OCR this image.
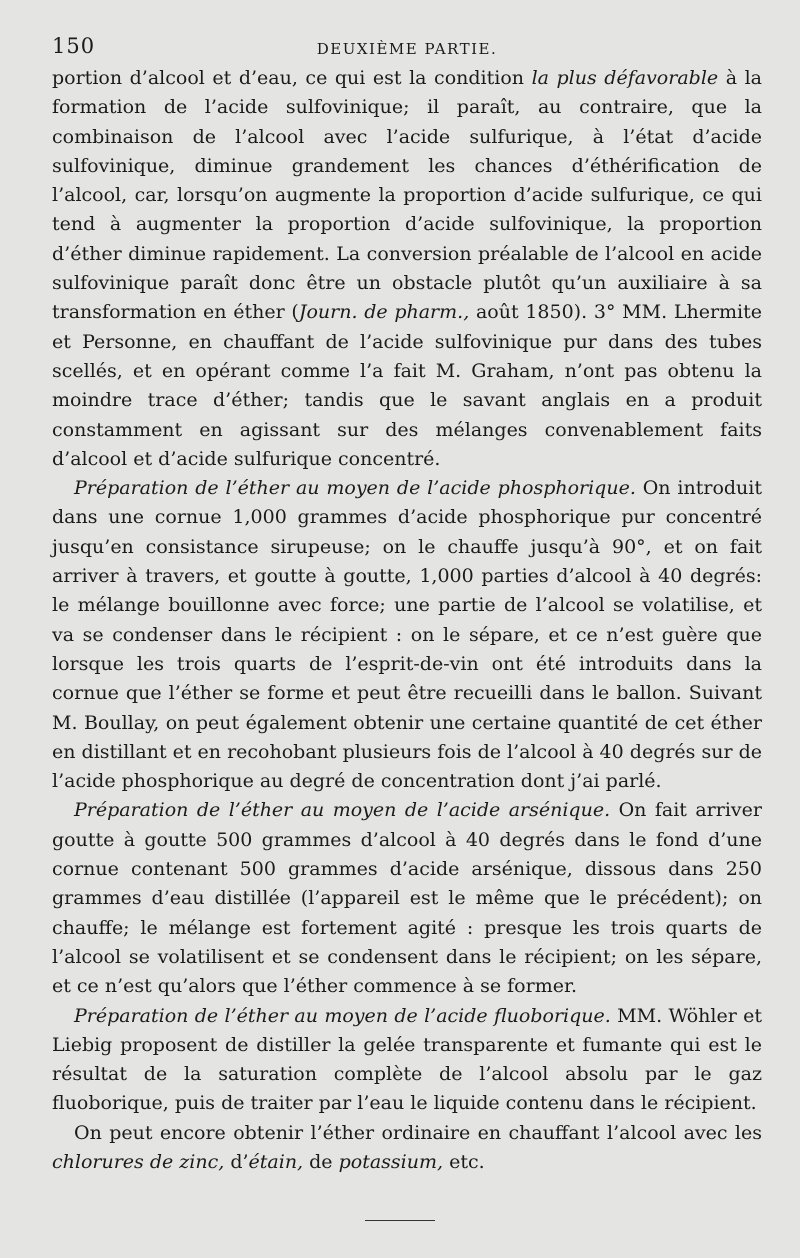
150	DEUXIÈME PARTIE.

portion d’alcool et d’eau, ce qui est la condition la plus défavorable à la formation de l’acide sulfovinique; il paraît, au contraire, que la combinaison de l’alcool avec l’acide sulfurique, à l’état d’acide sulfovinique, diminue grandement les chances d’éthérification de l’alcool, car, lorsqu’on augmente la proportion d’acide sulfurique, ce qui tend à augmenter la proportion d’acide sulfovinique, la proportion d’éther diminue rapidement. La conversion préalable de l’alcool en acide sulfovinique paraît donc être un obstacle plutôt qu’un auxiliaire à sa transformation en éther (Journ. de pharm., août 1850). 3° MM. Lhermite et Personne, en chauffant de l’acide sulfovinique pur dans des tubes scellés, et en opérant comme l’a fait M. Graham, n’ont pas obtenu la moindre trace d’éther; tandis que le savant anglais en a produit constamment en agissant sur des mélanges convenablement faits d’alcool et d’acide sulfurique concentré.

Préparation de l’éther au moyen de l’acide phosphorique. On introduit dans une cornue 1,000 grammes d’acide phosphorique pur concentré jusqu’en consistance sirupeuse; on le chauffe jusqu’à 90°, et on fait arriver à travers, et goutte à goutte, 1,000 parties d’alcool à 40 degrés: le mélange bouillonne avec force; une partie de l’alcool se volatilise, et va se condenser dans le récipient : on le sépare, et ce n’est guère que lorsque les trois quarts de l’esprit-de-vin ont été introduits dans la cornue que l’éther se forme et peut être recueilli dans le ballon. Suivant M. Boullay, on peut également obtenir une certaine quantité de cet éther en distillant et en recohobant plusieurs fois de l’alcool à 40 degrés sur de l’acide phosphorique au degré de concentration dont j’ai parlé.

Préparation de l’éther au moyen de l’acide arsénique. On fait arriver goutte à goutte 500 grammes d’alcool à 40 degrés dans le fond d’une cornue contenant 500 grammes d’acide arsénique, dissous dans 250 grammes d’eau distillée (l’appareil est le même que le précédent); on chauffe; le mélange est fortement agité : presque les trois quarts de l’alcool se volatilisent et se condensent dans le récipient; on les sépare, et ce n’est qu’alors que l’éther commence à se former.

Préparation de l’éther au moyen de l’acide fluoborique. MM. Wöhler et Liebig proposent de distiller la gelée transparente et fumante qui est le résultat de la saturation complète de l’alcool absolu par le gaz fluoborique, puis de traiter par l’eau le liquide contenu dans le récipient.

On peut encore obtenir l’éther ordinaire en chauffant l’alcool avec les chlorures de zinc, d’étain, de potassium, etc.
